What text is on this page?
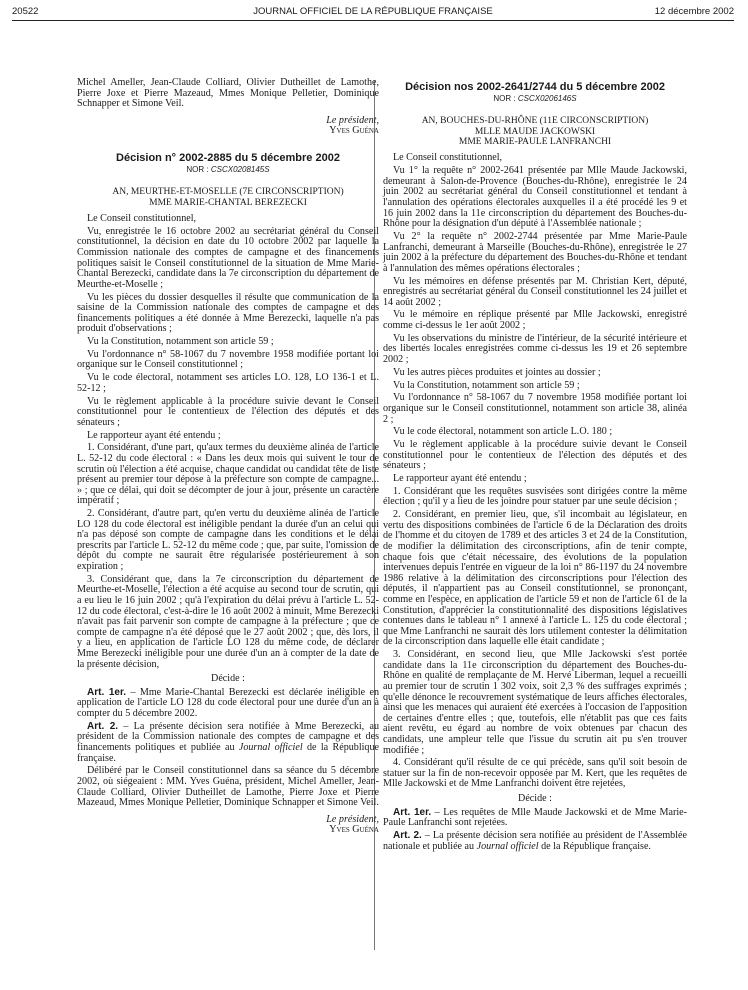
20522	JOURNAL OFFICIEL DE LA RÉPUBLIQUE FRANÇAISE	12 décembre 2002

Michel Ameller, Jean-Claude Colliard, Olivier Dutheillet de Lamothe, Pierre Joxe et Pierre Mazeaud, Mmes Monique Pelletier, Dominique Schnapper et Simone Veil.

Le président,

Yves Guéna

Décision n° 2002-2885 du 5 décembre 2002
NOR : CSCX0208145S
AN, MEURTHE-ET-MOSELLE (7E CIRCONSCRIPTION)
MME MARIE-CHANTAL BEREZECKI

Le Conseil constitutionnel,

Vu, enregistrée le 16 octobre 2002 au secrétariat général du Conseil constitutionnel, la décision en date du 10 octobre 2002 par laquelle la Commission nationale des comptes de campagne et des financements politiques saisit le Conseil constitutionnel de la situation de Mme Marie-Chantal Berezecki, candidate dans la 7e circonscription du département de Meurthe-et-Moselle ;

Vu les pièces du dossier desquelles il résulte que communication de la saisine de la Commission nationale des comptes de campagne et des financements politiques a été donnée à Mme Berezecki, laquelle n'a pas produit d'observations ;

Vu la Constitution, notamment son article 59 ;

Vu l'ordonnance n° 58-1067 du 7 novembre 1958 modifiée portant loi organique sur le Conseil constitutionnel ;

Vu le code électoral, notamment ses articles LO. 128, LO 136-1 et L. 52-12 ;

Vu le règlement applicable à la procédure suivie devant le Conseil constitutionnel pour le contentieux de l'élection des députés et des sénateurs ;

Le rapporteur ayant été entendu ;

1. Considérant, d'une part, qu'aux termes du deuxième alinéa de l'article L. 52-12 du code électoral : « Dans les deux mois qui suivent le tour de scrutin où l'élection a été acquise, chaque candidat ou candidat tête de liste présent au premier tour dépose à la préfecture son compte de campagne... » ; que ce délai, qui doit se décompter de jour à jour, présente un caractère impératif ;

2. Considérant, d'autre part, qu'en vertu du deuxième alinéa de l'article LO 128 du code électoral est inéligible pendant la durée d'un an celui qui n'a pas déposé son compte de campagne dans les conditions et le délai prescrits par l'article L. 52-12 du même code ; que, par suite, l'omission de dépôt du compte ne saurait être régularisée postérieurement à son expiration ;

3. Considérant que, dans la 7e circonscription du département de Meurthe-et-Moselle, l'élection a été acquise au second tour de scrutin, qui a eu lieu le 16 juin 2002 ; qu'à l'expiration du délai prévu à l'article L. 52-12 du code électoral, c'est-à-dire le 16 août 2002 à minuit, Mme Berezecki n'avait pas fait parvenir son compte de campagne à la préfecture ; que ce compte de campagne n'a été déposé que le 27 août 2002 ; que, dès lors, il y a lieu, en application de l'article LO 128 du même code, de déclarer Mme Berezecki inéligible pour une durée d'un an à compter de la date de la présente décision,

Décide :

Art. 1er. – Mme Marie-Chantal Berezecki est déclarée inéligible en application de l'article LO 128 du code électoral pour une durée d'un an à compter du 5 décembre 2002.

Art. 2. – La présente décision sera notifiée à Mme Berezecki, au président de la Commission nationale des comptes de campagne et des financements politiques et publiée au Journal officiel de la République française.

Délibéré par le Conseil constitutionnel dans sa séance du 5 décembre 2002, où siégeaient : MM. Yves Guéna, président, Michel Ameller, Jean-Claude Colliard, Olivier Dutheillet de Lamothe, Pierre Joxe et Pierre Mazeaud, Mmes Monique Pelletier, Dominique Schnapper et Simone Veil.

Le président,

Yves Guéna

Décision nos 2002-2641/2744 du 5 décembre 2002
NOR : CSCX0206146S
AN, BOUCHES-DU-RHÔNE (11E CIRCONSCRIPTION)
MLLE MAUDE JACKOWSKI
MME MARIE-PAULE LANFRANCHI

Le Conseil constitutionnel,

Vu 1° la requête n° 2002-2641 présentée par Mlle Maude Jackowski, demeurant à Salon-de-Provence (Bouches-du-Rhône), enregistrée le 24 juin 2002 au secrétariat général du Conseil constitutionnel et tendant à l'annulation des opérations électorales auxquelles il a été procédé les 9 et 16 juin 2002 dans la 11e circonscription du département des Bouches-du-Rhône pour la désignation d'un député à l'Assemblée nationale ;

Vu 2° la requête n° 2002-2744 présentée par Mme Marie-Paule Lanfranchi, demeurant à Marseille (Bouches-du-Rhône), enregistrée le 27 juin 2002 à la préfecture du département des Bouches-du-Rhône et tendant à l'annulation des mêmes opérations électorales ;

Vu les mémoires en défense présentés par M. Christian Kert, député, enregistrés au secrétariat général du Conseil constitutionnel les 24 juillet et 14 août 2002 ;

Vu le mémoire en réplique présenté par Mlle Jackowski, enregistré comme ci-dessus le 1er août 2002 ;

Vu les observations du ministre de l'intérieur, de la sécurité intérieure et des libertés locales enregistrées comme ci-dessus les 19 et 26 septembre 2002 ;

Vu les autres pièces produites et jointes au dossier ;

Vu la Constitution, notamment son article 59 ;

Vu l'ordonnance n° 58-1067 du 7 novembre 1958 modifiée portant loi organique sur le Conseil constitutionnel, notamment son article 38, alinéa 2 ;

Vu le code électoral, notamment son article L.O. 180 ;

Vu le règlement applicable à la procédure suivie devant le Conseil constitutionnel pour le contentieux de l'élection des députés et des sénateurs ;

Le rapporteur ayant été entendu ;

1. Considérant que les requêtes susvisées sont dirigées contre la même élection ; qu'il y a lieu de les joindre pour statuer par une seule décision ;

2. Considérant, en premier lieu, que, s'il incombait au législateur, en vertu des dispositions combinées de l'article 6 de la Déclaration des droits de l'homme et du citoyen de 1789 et des articles 3 et 24 de la Constitution, de modifier la délimitation des circonscriptions, afin de tenir compte, chaque fois que c'était nécessaire, des évolutions de la population intervenues depuis l'entrée en vigueur de la loi n° 86-1197 du 24 novembre 1986 relative à la délimitation des circonscriptions pour l'élection des députés, il n'appartient pas au Conseil constitutionnel, se prononçant, comme en l'espèce, en application de l'article 59 et non de l'article 61 de la Constitution, d'apprécier la constitutionnalité des dispositions législatives contenues dans le tableau n° 1 annexé à l'article L. 125 du code électoral ; que Mme Lanfranchi ne saurait dès lors utilement contester la délimitation de la circonscription dans laquelle elle était candidate ;

3. Considérant, en second lieu, que Mlle Jackowski s'est portée candidate dans la 11e circonscription du département des Bouches-du-Rhône en qualité de remplaçante de M. Hervé Liberman, lequel a recueilli au premier tour de scrutin 1 302 voix, soit 2,3 % des suffrages exprimés ; qu'elle dénonce le recouvrement systématique de leurs affiches électorales, ainsi que les menaces qui auraient été exercées à l'occasion de l'apposition de certaines d'entre elles ; que, toutefois, elle n'établit pas que ces faits aient revêtu, eu égard au nombre de voix obtenues par chacun des candidats, une ampleur telle que l'issue du scrutin ait pu s'en trouver modifiée ;

4. Considérant qu'il résulte de ce qui précède, sans qu'il soit besoin de statuer sur la fin de non-recevoir opposée par M. Kert, que les requêtes de Mlle Jackowski et de Mme Lanfranchi doivent être rejetées,

Décide :

Art. 1er. – Les requêtes de Mlle Maude Jackowski et de Mme Marie-Paule Lanfranchi sont rejetées.

Art. 2. – La présente décision sera notifiée au président de l'Assemblée nationale et publiée au Journal officiel de la République française.
